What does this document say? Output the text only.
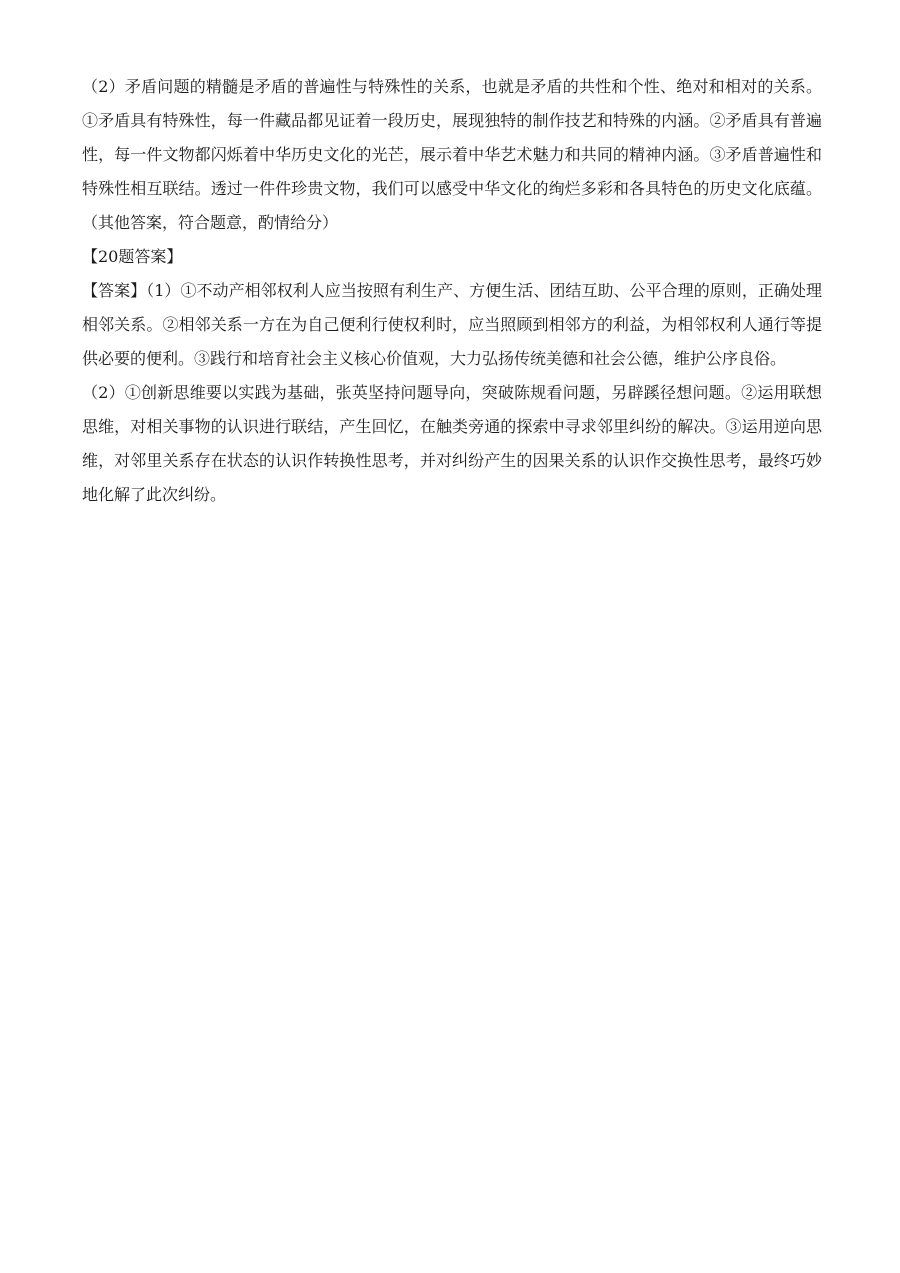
（2）矛盾问题的精髓是矛盾的普遍性与特殊性的关系，也就是矛盾的共性和个性、绝对和相对的关系。①矛盾具有特殊性，每一件藏品都见证着一段历史，展现独特的制作技艺和特殊的内涵。②矛盾具有普遍性，每一件文物都闪烁着中华历史文化的光芒，展示着中华艺术魅力和共同的精神内涵。③矛盾普遍性和特殊性相互联结。透过一件件珍贵文物，我们可以感受中华文化的绚烂多彩和各具特色的历史文化底蕴。（其他答案，符合题意，酌情给分）

【20题答案】

【答案】（1）①不动产相邻权利人应当按照有利生产、方便生活、团结互助、公平合理的原则，正确处理相邻关系。②相邻关系一方在为自己便利行使权利时，应当照顾到相邻方的利益，为相邻权利人通行等提供必要的便利。③践行和培育社会主义核心价值观，大力弘扬传统美德和社会公德，维护公序良俗。

（2）①创新思维要以实践为基础，张英坚持问题导向，突破陈规看问题，另辟蹊径想问题。②运用联想思维，对相关事物的认识进行联结，产生回忆，在触类旁通的探索中寻求邻里纠纷的解决。③运用逆向思维，对邻里关系存在状态的认识作转换性思考，并对纠纷产生的因果关系的认识作交换性思考，最终巧妙地化解了此次纠纷。
